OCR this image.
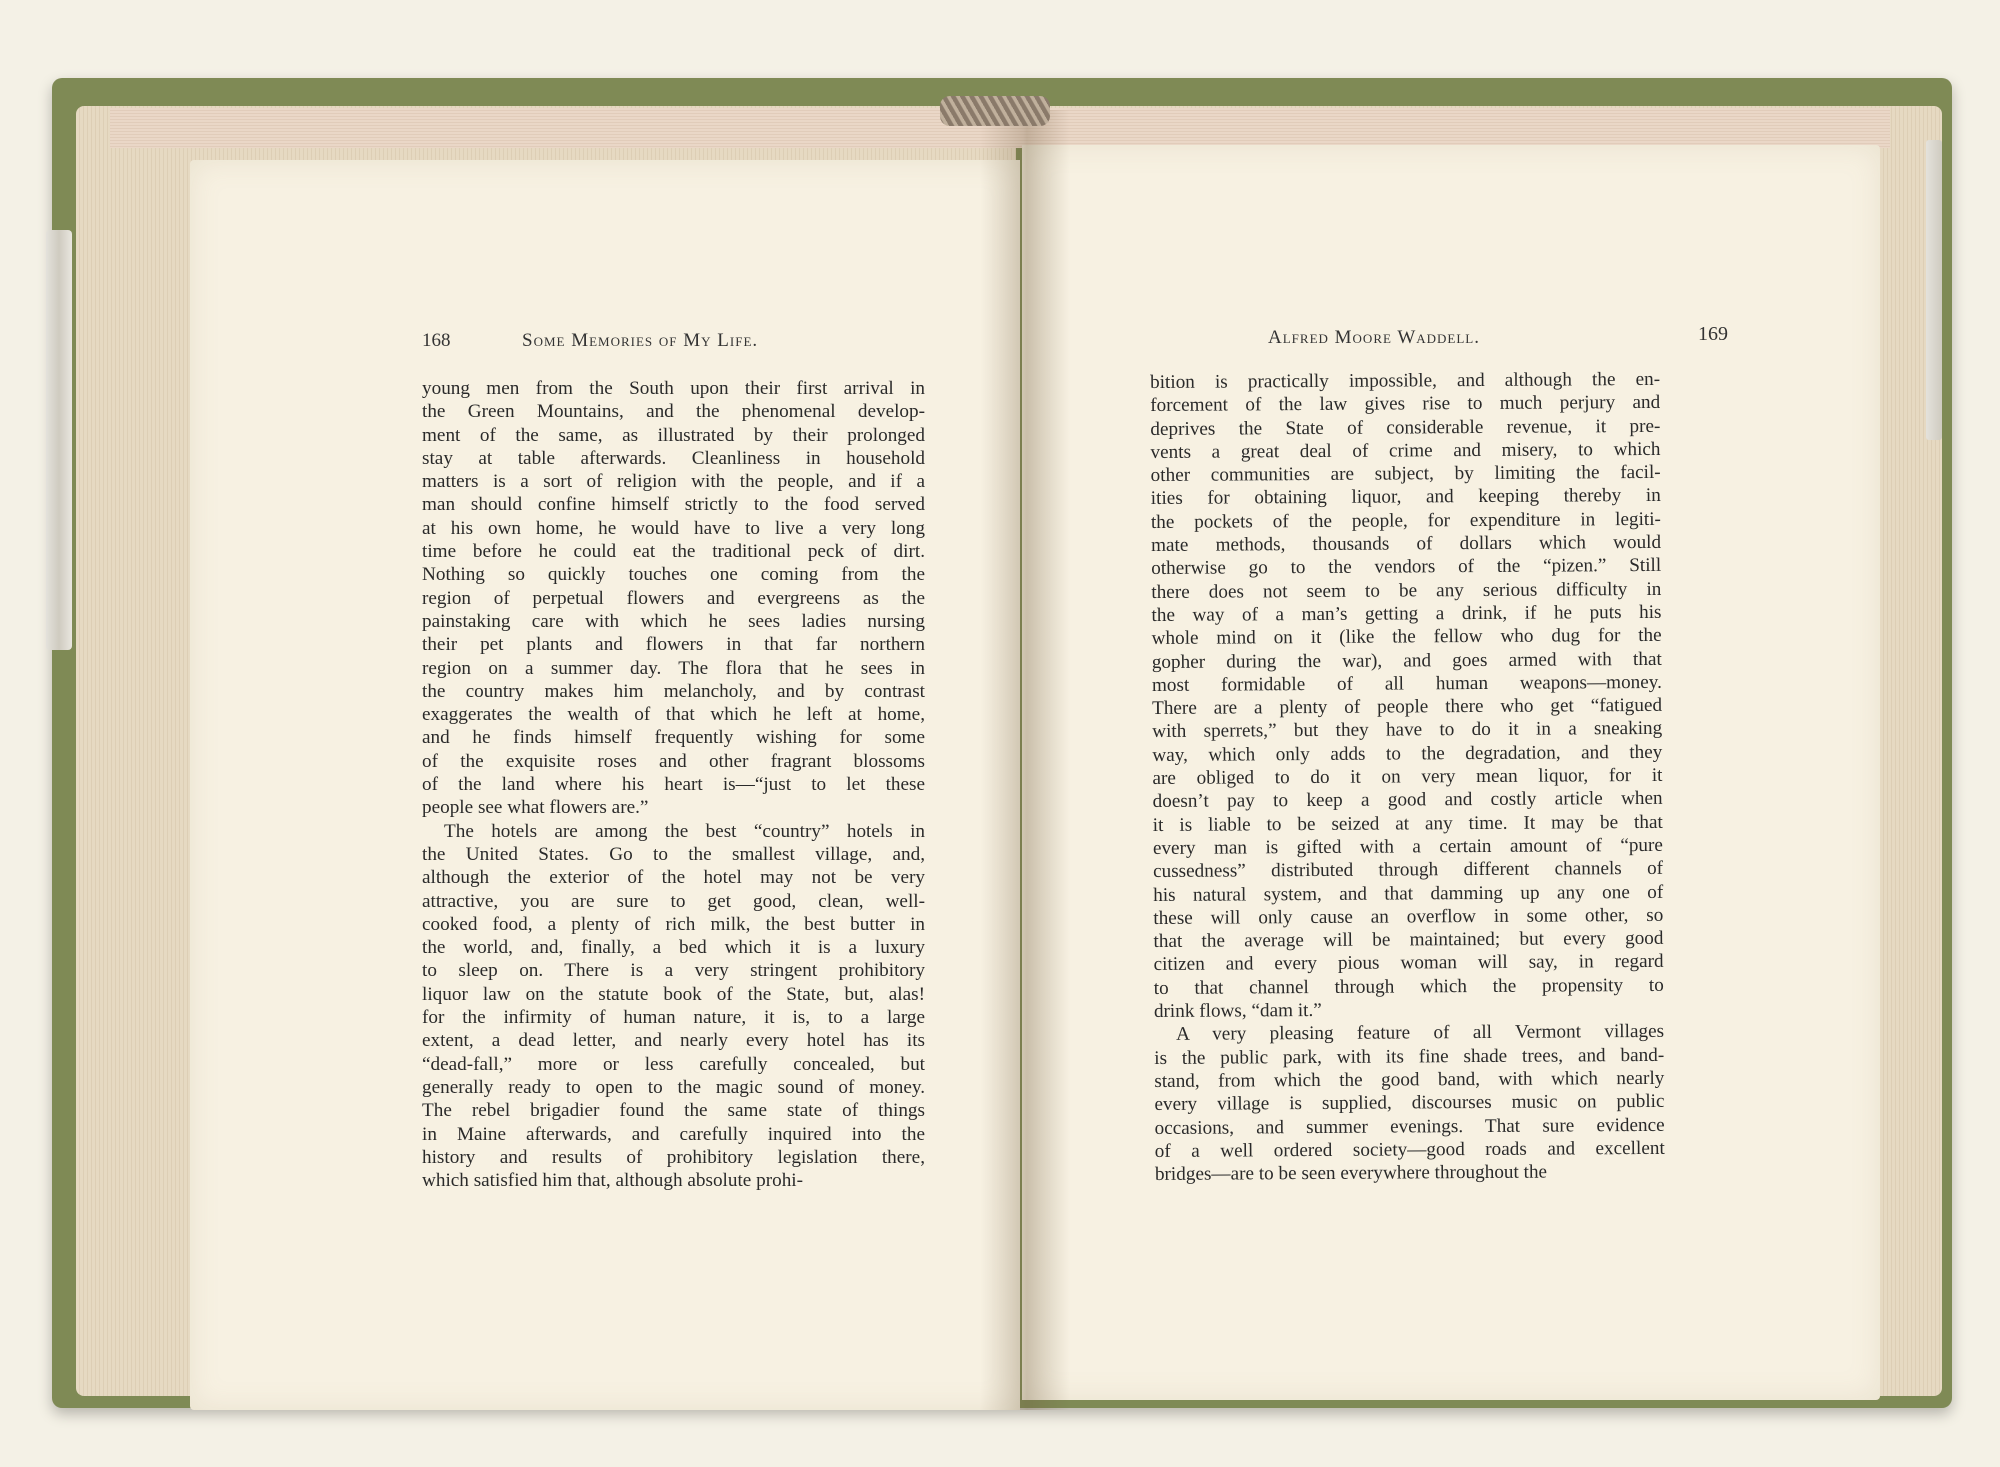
168	Some Memories of My Life.	Alfred Moore Waddell.	169
young men from the South upon their first arrival in
the Green Mountains, and the phenomenal develop-
ment of the same, as illustrated by their prolonged
stay at table afterwards. Cleanliness in household
matters is a sort of religion with the people, and if a
man should confine himself strictly to the food served
at his own home, he would have to live a very long
time before he could eat the traditional peck of dirt.
Nothing so quickly touches one coming from the
region of perpetual flowers and evergreens as the
painstaking care with which he sees ladies nursing
their pet plants and flowers in that far northern
region on a summer day. The flora that he sees in
the country makes him melancholy, and by contrast
exaggerates the wealth of that which he left at home,
and he finds himself frequently wishing for some
of the exquisite roses and other fragrant blossoms
of the land where his heart is—“just to let these
people see what flowers are.”
The hotels are among the best “country” hotels in
the United States. Go to the smallest village, and,
although the exterior of the hotel may not be very
attractive, you are sure to get good, clean, well-
cooked food, a plenty of rich milk, the best butter in
the world, and, finally, a bed which it is a luxury
to sleep on. There is a very stringent prohibitory
liquor law on the statute book of the State, but, alas!
for the infirmity of human nature, it is, to a large
extent, a dead letter, and nearly every hotel has its
“dead-fall,” more or less carefully concealed, but
generally ready to open to the magic sound of money.
The rebel brigadier found the same state of things
in Maine afterwards, and carefully inquired into the
history and results of prohibitory legislation there,
which satisfied him that, although absolute prohi-
bition is practically impossible, and although the en-
forcement of the law gives rise to much perjury and
deprives the State of considerable revenue, it pre-
vents a great deal of crime and misery, to which
other communities are subject, by limiting the facil-
ities for obtaining liquor, and keeping thereby in
the pockets of the people, for expenditure in legiti-
mate methods, thousands of dollars which would
otherwise go to the vendors of the “pizen.” Still
there does not seem to be any serious difficulty in
the way of a man’s getting a drink, if he puts his
whole mind on it (like the fellow who dug for the
gopher during the war), and goes armed with that
most formidable of all human weapons—money.
There are a plenty of people there who get “fatigued
with sperrets,” but they have to do it in a sneaking
way, which only adds to the degradation, and they
are obliged to do it on very mean liquor, for it
doesn’t pay to keep a good and costly article when
it is liable to be seized at any time. It may be that
every man is gifted with a certain amount of “pure
cussedness” distributed through different channels of
his natural system, and that damming up any one of
these will only cause an overflow in some other, so
that the average will be maintained; but every good
citizen and every pious woman will say, in regard
to that channel through which the propensity to
drink flows, “dam it.”
A very pleasing feature of all Vermont villages
is the public park, with its fine shade trees, and band-
stand, from which the good band, with which nearly
every village is supplied, discourses music on public
occasions, and summer evenings. That sure evidence
of a well ordered society—good roads and excellent
bridges—are to be seen everywhere throughout the
